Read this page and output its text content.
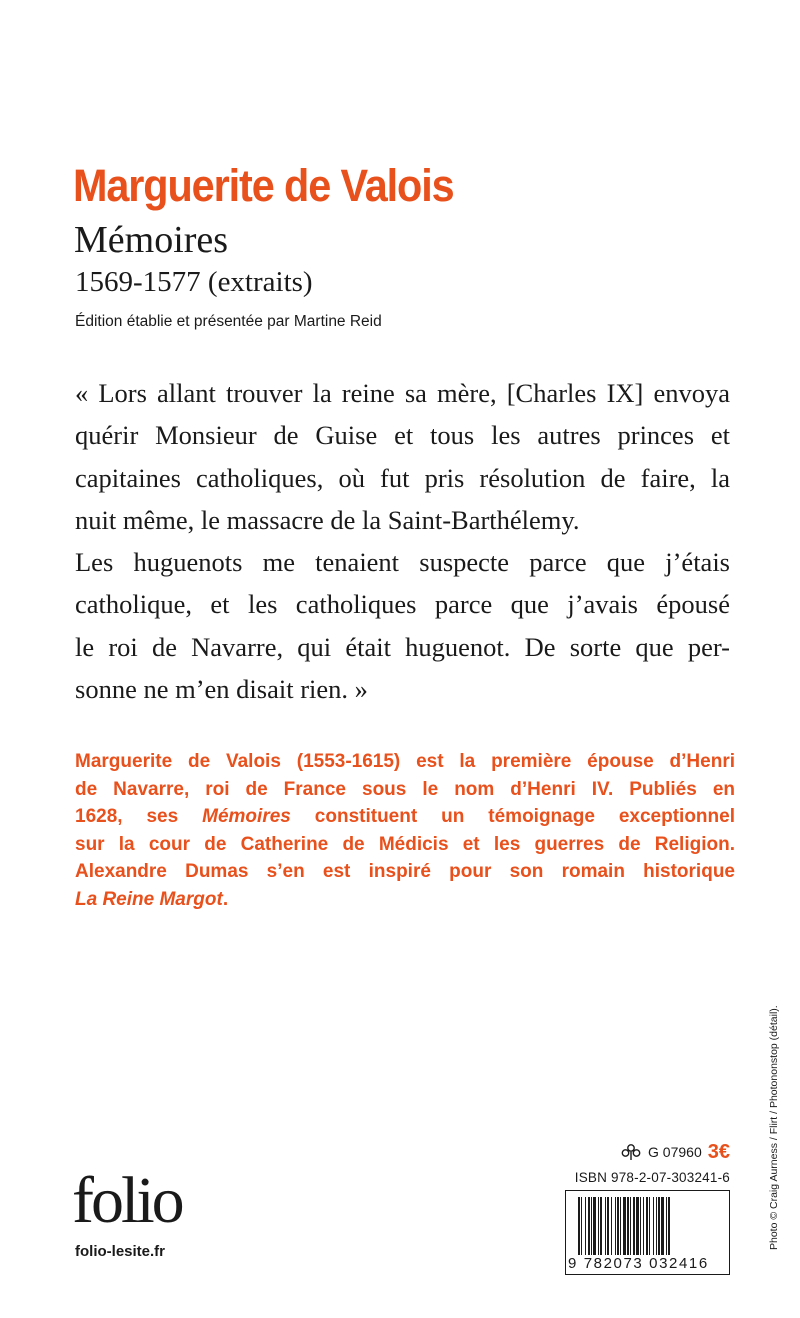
Marguerite de Valois
Mémoires
1569-1577 (extraits)
Édition établie et présentée par Martine Reid
« Lors allant trouver la reine sa mère, [Charles IX] envoya
quérir Monsieur de Guise et tous les autres princes et
capitaines catholiques, où fut pris résolution de faire, la
nuit même, le massacre de la Saint-Barthélemy.
Les huguenots me tenaient suspecte parce que j’étais
catholique, et les catholiques parce que j’avais épousé
le roi de Navarre, qui était huguenot. De sorte que per-
sonne ne m’en disait rien. »
Marguerite de Valois (1553-1615) est la première épouse d’Henri
de Navarre, roi de France sous le nom d’Henri IV. Publiés en
1628, ses Mémoires constituent un témoignage exceptionnel
sur la cour de Catherine de Médicis et les guerres de Religion.
Alexandre Dumas s’en est inspiré pour son romain historique
La Reine Margot.
Photo © Craig Aurness / Flirt / Photononstop (détail).
folio
folio-lesite.fr
G 07960 3€
ISBN 978-2-07-303241-6
9 782073 032416
